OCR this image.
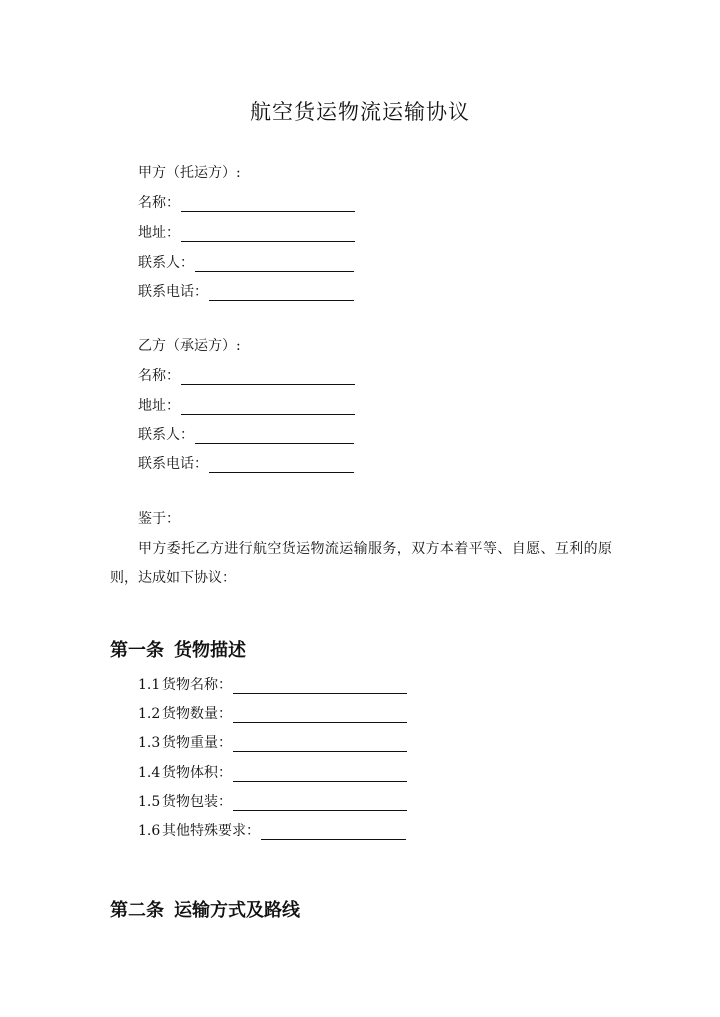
航空货运物流运输协议
甲方（托运方）:
名称：
地址：
联系人：
联系电话：
乙方（承运方）:
名称：
地址：
联系人：
联系电话：
鉴于：
甲方委托乙方进行航空货运物流运输服务，双方本着平等、自愿、互利的原则，达成如下协议：
第一条 货物描述
1.1 货物名称：
1.2 货物数量：
1.3 货物重量：
1.4 货物体积：
1.5 货物包装：
1.6 其他特殊要求：
第二条 运输方式及路线
